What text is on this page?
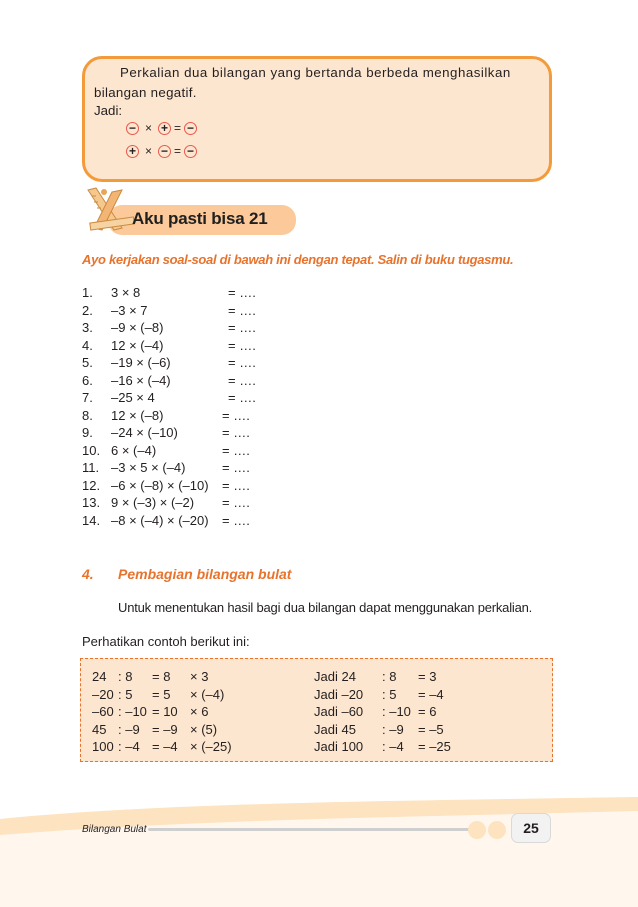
Perkalian dua bilangan yang bertanda berbeda menghasilkan
bilangan negatif.
Jadi:
− × + = −
+ × − = −
Aku pasti bisa 21
Ayo kerjakan soal-soal di bawah ini dengan tepat. Salin di buku tugasmu.
1. 3 × 8	= ….
2. –3 × 7	= ….
3. –9 × (–8)	= ….
4. 12 × (–4)	= ….
5. –19 × (–6)	= ….
6. –16 × (–4)	= ….
7. –25 × 4	= ….
8. 12 × (–8)	= ….
9. –24 × (–10)	= ….
10. 6 × (–4)	= ….
11. –3 × 5 × (–4)	= ….
12. –6 × (–8) × (–10) = ….
13. 9 × (–3) × (–2) = ….
14. –8 × (–4) × (–20) = ….
4. Pembagian bilangan bulat
Untuk menentukan hasil bagi dua bilangan dapat menggunakan perkalian.
Perhatikan contoh berikut ini:
24 : 8 = 8 × 3	Jadi 24 : 8 = 3
–20 : 5 = 5 × (–4)	Jadi –20 : 5 = –4
–60 : –10 = 10 × 6	Jadi –60 : –10 = 6
45 : –9 = –9 × (5)	Jadi 45 : –9 = –5
100 : –4 = –4 × (–25)	Jadi 100 : –4 = –25
Bilangan Bulat	25
